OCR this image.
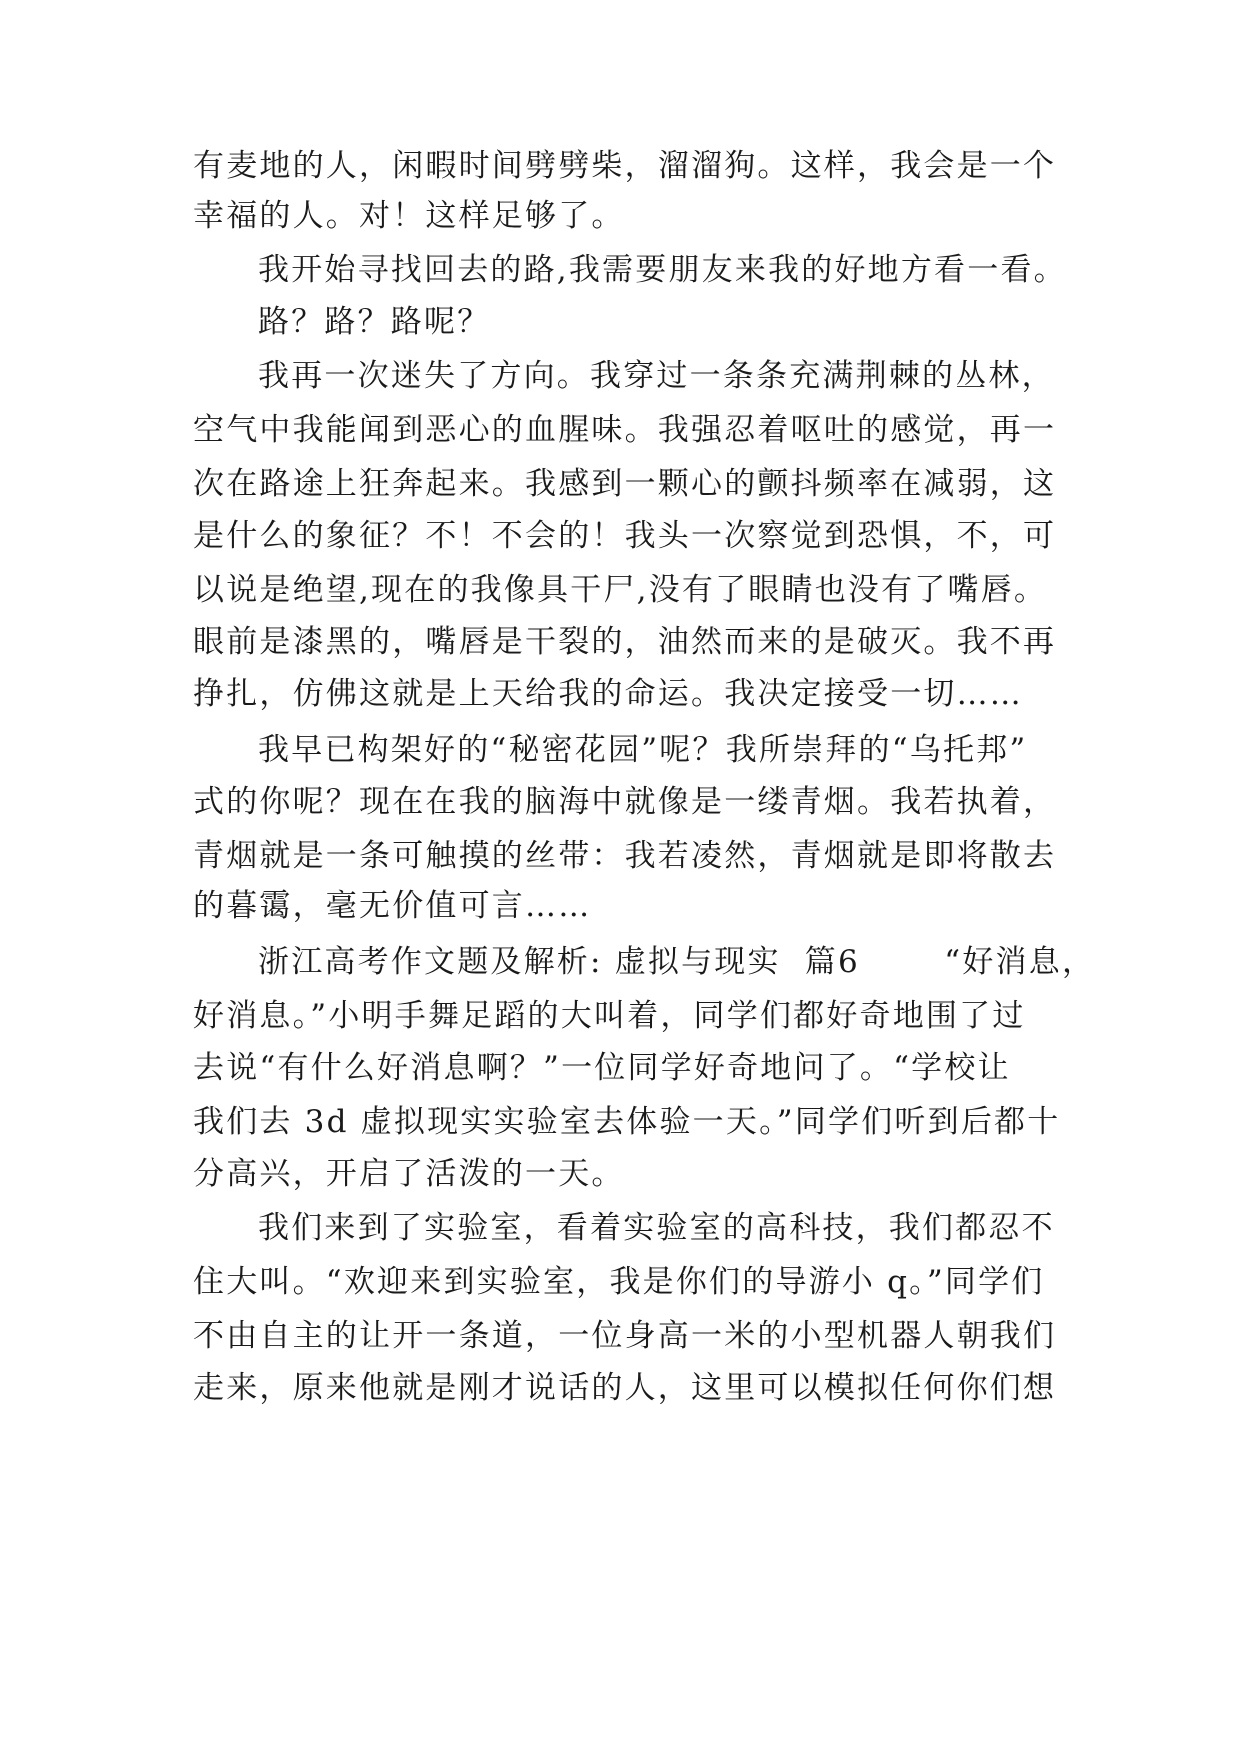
有麦地的人，闲暇时间劈劈柴，溜溜狗。这样，我会是一个
幸福的人。对！这样足够了。
我开始寻找回去的路,我需要朋友来我的好地方看一看。
路？路？路呢？
我再一次迷失了方向。我穿过一条条充满荆棘的丛林，
空气中我能闻到恶心的血腥味。我强忍着呕吐的感觉，再一
次在路途上狂奔起来。我感到一颗心的颤抖频率在减弱，这
是什么的象征？不！不会的！我头一次察觉到恐惧，不，可
以说是绝望,现在的我像具干尸,没有了眼睛也没有了嘴唇。
眼前是漆黑的，嘴唇是干裂的，油然而来的是破灭。我不再
挣扎，仿佛这就是上天给我的命运。我决定接受一切……
我早已构架好的“秘密花园”呢？我所崇拜的“乌托邦”
式的你呢？现在在我的脑海中就像是一缕青烟。我若执着，
青烟就是一条可触摸的丝带：我若凌然，青烟就是即将散去
的暮霭，毫无价值可言……
浙江高考作文题及解析: 虚拟与现实  篇6       “好消息，
好消息。”小明手舞足蹈的大叫着，同学们都好奇地围了过
去说“有什么好消息啊？”一位同学好奇地问了。“学校让
我们去 3d 虚拟现实实验室去体验一天。”同学们听到后都十
分高兴，开启了活泼的一天。
我们来到了实验室，看着实验室的高科技，我们都忍不
住大叫。“欢迎来到实验室，我是你们的导游小 q。”同学们
不由自主的让开一条道，一位身高一米的小型机器人朝我们
走来，原来他就是刚才说话的人，这里可以模拟任何你们想
